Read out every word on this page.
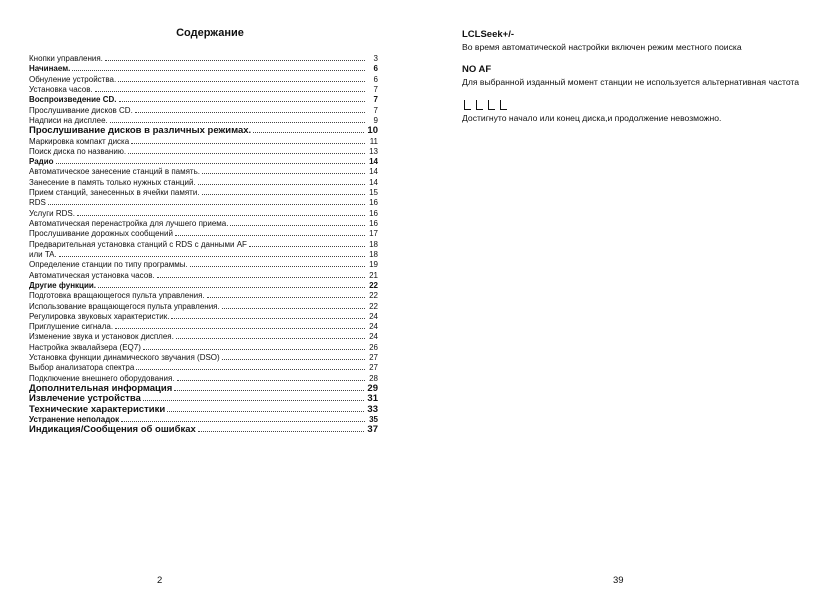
Содержание
Кнопки управления.	3
Начинаем.	6
Обнуление устройства.	6
Установка часов.	7
Воспроизведение CD.	7
Прослушивание дисков CD.	7
Надписи на дисплее.	9
Прослушивание дисков в различных режимах.	10
Маркировка компакт диска	11
Поиск диска по названию.	13
Радио	14
Автоматическое занесение станций в память.	14
Занесение в память только нужных станций.	14
Прием станций, занесенных в ячейки памяти.	15
RDS	16
Услуги RDS.	16
Автоматическая перенастройка для лучшего приема.	16
Прослушивание дорожных сообщений	17
Предварительная установка станций с RDS с данными AF	18
или TA.	18
Определение станции по типу программы.	19
Автоматическая установка часов.	21
Другие функции.	22
Подготовка вращающегося пульта управления.	22
Использование вращающегося пульта управления.	22
Регулировка звуковых характеристик.	24
Приглушение сигнала.	24
Изменение звука и установок дисплея.	24
Настройка эквалайзера (EQ7)	26
Установка функции динамического звучания (DSO)	27
Выбор анализатора спектра	27
Подключение внешнего оборудования.	28
Дополнительная информация	29
Извлечение устройства	31
Технические характеристики	33
Устранение неполадок	35
Индикация/Сообщения об ошибках	37
2
LCLSeek+/-
Во время автоматической настройки включен режим местного поиска
NO AF
Для выбранной изданный момент станции не используется альтернативная частота
Достигнуто начало или конец диска,и продолжение невозможно.
39
